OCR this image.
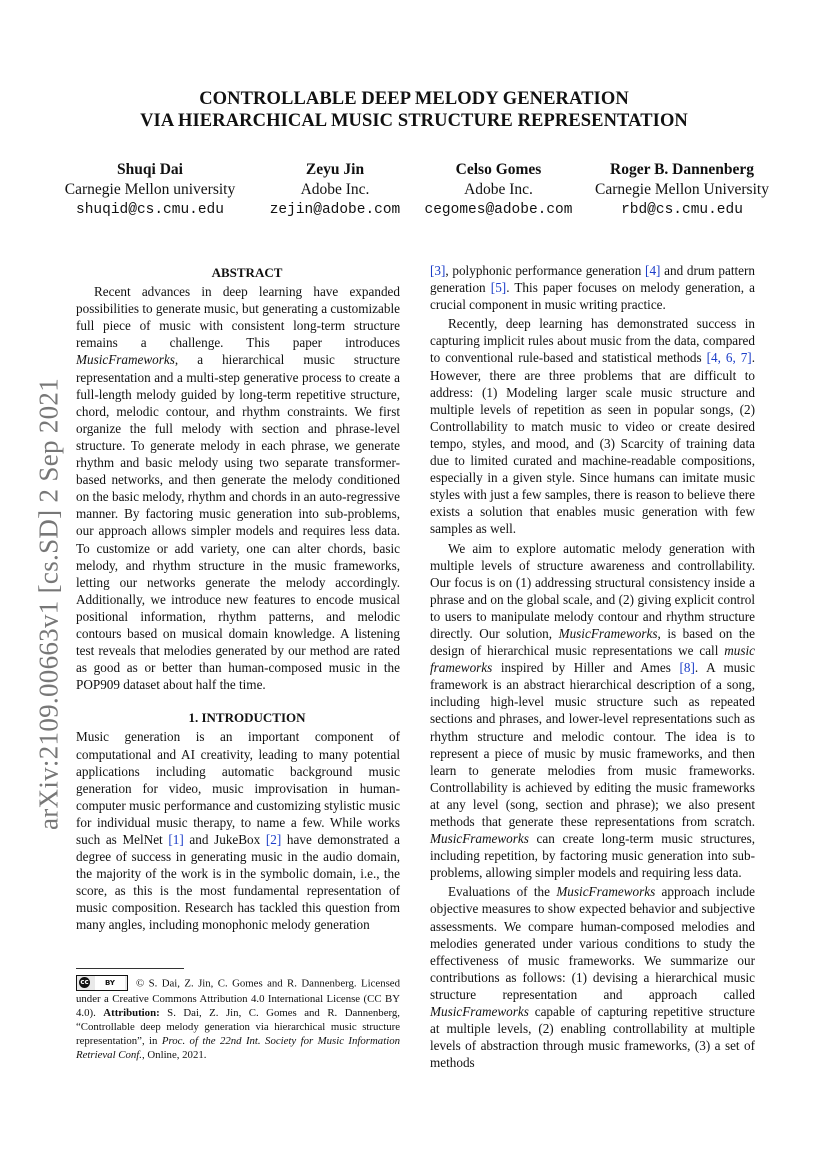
CONTROLLABLE DEEP MELODY GENERATION
VIA HIERARCHICAL MUSIC STRUCTURE REPRESENTATION
Shuqi Dai
Carnegie Mellon university
shuqid@cs.cmu.edu
Zeyu Jin
Adobe Inc.
zejin@adobe.com
Celso Gomes
Adobe Inc.
cegomes@adobe.com
Roger B. Dannenberg
Carnegie Mellon University
rbd@cs.cmu.edu
arXiv:2109.00663v1 [cs.SD] 2 Sep 2021

ABSTRACT

Recent advances in deep learning have expanded possibilities to generate music, but generating a customizable full piece of music with consistent long-term structure remains a challenge. This paper introduces MusicFrameworks, a hierarchical music structure representation and a multi-step generative process to create a full-length melody guided by long-term repetitive structure, chord, melodic contour, and rhythm constraints. We first organize the full melody with section and phrase-level structure. To generate melody in each phrase, we generate rhythm and basic melody using two separate transformer-based networks, and then generate the melody conditioned on the basic melody, rhythm and chords in an auto-regressive manner. By factoring music generation into sub-problems, our approach allows simpler models and requires less data. To customize or add variety, one can alter chords, basic melody, and rhythm structure in the music frameworks, letting our networks generate the melody accordingly. Additionally, we introduce new features to encode musical positional information, rhythm patterns, and melodic contours based on musical domain knowledge. A listening test reveals that melodies generated by our method are rated as good as or better than human-composed music in the POP909 dataset about half the time.

1. INTRODUCTION

Music generation is an important component of computational and AI creativity, leading to many potential applications including automatic background music generation for video, music improvisation in human-computer music performance and customizing stylistic music for individual music therapy, to name a few. While works such as MelNet [1] and JukeBox [2] have demonstrated a degree of success in generating music in the audio domain, the majority of the work is in the symbolic domain, i.e., the score, as this is the most fundamental representation of music composition. Research has tackled this question from many angles, including monophonic melody generation

cc	BY	© S. Dai, Z. Jin, C. Gomes and R. Dannenberg. Licensed under a Creative Commons Attribution 4.0 International License (CC BY 4.0). Attribution: S. Dai, Z. Jin, C. Gomes and R. Dannenberg, “Controllable deep melody generation via hierarchical music structure representation”, in Proc. of the 22nd Int. Society for Music Information Retrieval Conf., Online, 2021.

[3], polyphonic performance generation [4] and drum pattern generation [5]. This paper focuses on melody generation, a crucial component in music writing practice.

Recently, deep learning has demonstrated success in capturing implicit rules about music from the data, compared to conventional rule-based and statistical methods [4, 6, 7]. However, there are three problems that are difficult to address: (1) Modeling larger scale music structure and multiple levels of repetition as seen in popular songs, (2) Controllability to match music to video or create desired tempo, styles, and mood, and (3) Scarcity of training data due to limited curated and machine-readable compositions, especially in a given style. Since humans can imitate music styles with just a few samples, there is reason to believe there exists a solution that enables music generation with few samples as well.

We aim to explore automatic melody generation with multiple levels of structure awareness and controllability. Our focus is on (1) addressing structural consistency inside a phrase and on the global scale, and (2) giving explicit control to users to manipulate melody contour and rhythm structure directly. Our solution, MusicFrameworks, is based on the design of hierarchical music representations we call music frameworks inspired by Hiller and Ames [8]. A music framework is an abstract hierarchical description of a song, including high-level music structure such as repeated sections and phrases, and lower-level representations such as rhythm structure and melodic contour. The idea is to represent a piece of music by music frameworks, and then learn to generate melodies from music frameworks. Controllability is achieved by editing the music frameworks at any level (song, section and phrase); we also present methods that generate these representations from scratch. MusicFrameworks can create long-term music structures, including repetition, by factoring music generation into sub-problems, allowing simpler models and requiring less data.

Evaluations of the MusicFrameworks approach include objective measures to show expected behavior and subjective assessments. We compare human-composed melodies and melodies generated under various conditions to study the effectiveness of music frameworks. We summarize our contributions as follows: (1) devising a hierarchical music structure representation and approach called MusicFrameworks capable of capturing repetitive structure at multiple levels, (2) enabling controllability at multiple levels of abstraction through music frameworks, (3) a set of methods
